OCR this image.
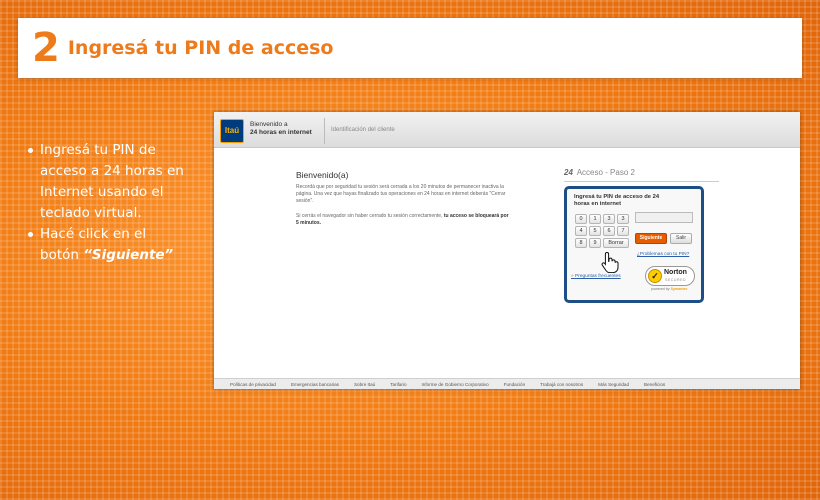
2 Ingresá tu PIN de acceso
Ingresá tu PIN de acceso a 24 horas en Internet usando el teclado virtual.
Hacé click en el botón “Siguiente”
Itaú
Bienvenido a
24 horas en internet	Identificación del cliente
Bienvenido(a)
Recordá que por seguridad tu sesión será cerrada a los 20 minutos de permanecer inactiva la página. Una vez que hayas finalizado tus operaciones en 24 horas en internet deberás "Cerrar sesión".
Si cerrás el navegador sin haber cerrado tu sesión correctamente, tu acceso se bloqueará por 5 minutos.
24 Acceso - Paso 2
Ingresá tu PIN de acceso de 24 horas en internet
0	1	3	3
4	5	6	7
8	9	Borrar
Siguiente	Salir
¿Problemas con tu PIN?
» Preguntas frecuentes	✓ Norton
SECURED
powered by Symantec
Políticas de privacidad	Emergencias bancarias	Sobre Itaú	Tarifario	Informe de Gobierno Corporativo	Fundación	Trabajá con nosotros	Más Seguridad	Beneficios
